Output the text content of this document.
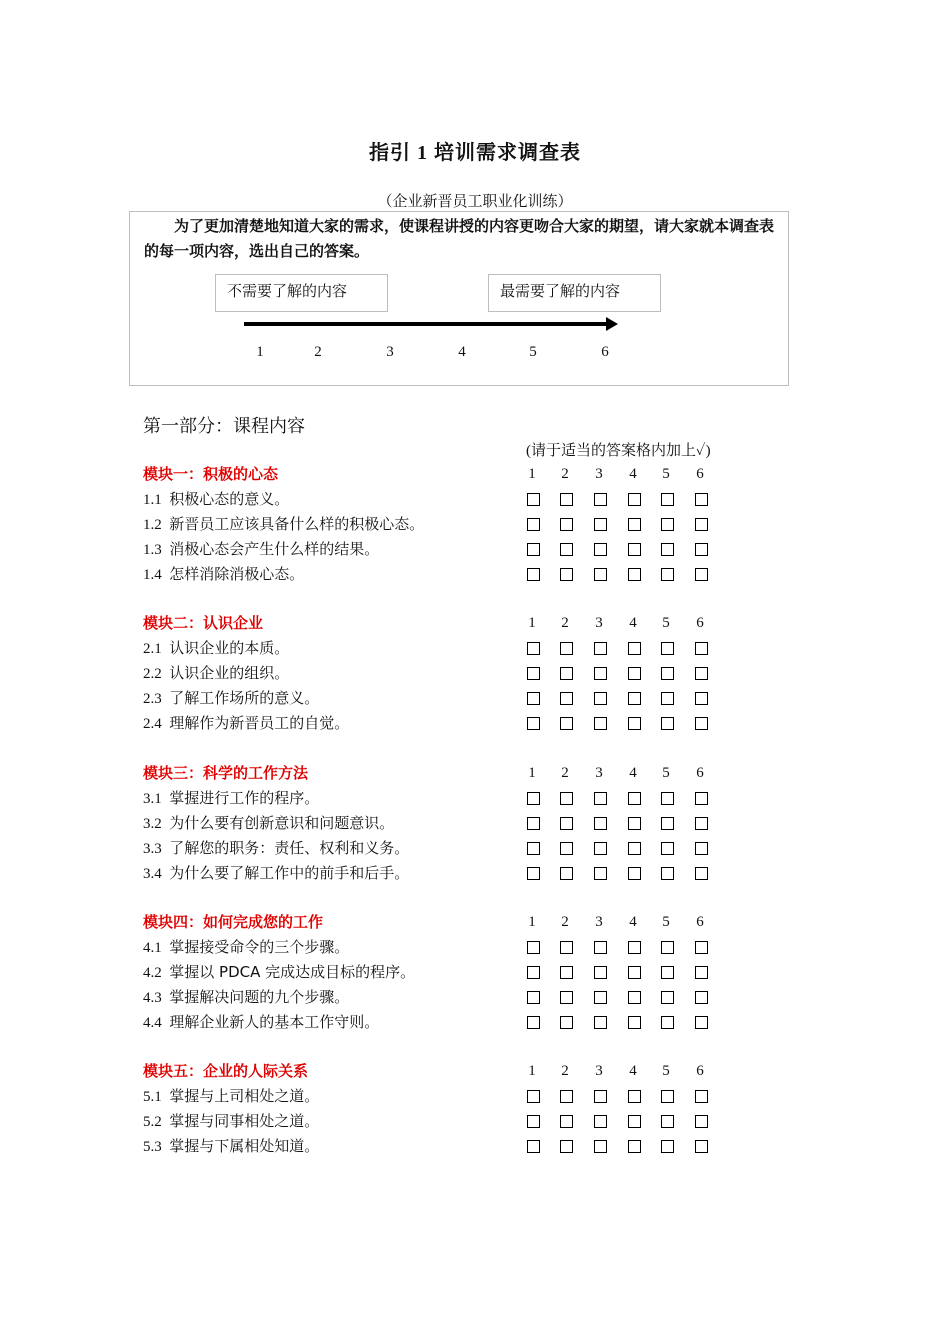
指引 1 培训需求调查表
（企业新晋员工职业化训练）
为了更加清楚地知道大家的需求，使课程讲授的内容更吻合大家的期望，请大家就本调查表的每一项内容，选出自己的答案。
不需要了解的内容	最需要了解的内容
1	2	3	4	5	6
第一部分：课程内容
(请于适当的答案格内加上✓)
模块一：积极的心态	1	2	3	4	5	6
1.1 积极心态的意义。
1.2 新晋员工应该具备什么样的积极心态。
1.3 消极心态会产生什么样的结果。
1.4 怎样消除消极心态。
模块二：认识企业	1	2	3	4	5	6
2.1 认识企业的本质。
2.2 认识企业的组织。
2.3 了解工作场所的意义。
2.4 理解作为新晋员工的自觉。
模块三：科学的工作方法	1	2	3	4	5	6
3.1 掌握进行工作的程序。
3.2 为什么要有创新意识和问题意识。
3.3 了解您的职务：责任、权利和义务。
3.4 为什么要了解工作中的前手和后手。
模块四：如何完成您的工作	1	2	3	4	5	6
4.1 掌握接受命令的三个步骤。
4.2 掌握以 PDCA 完成达成目标的程序。
4.3 掌握解决问题的九个步骤。
4.4 理解企业新人的基本工作守则。
模块五：企业的人际关系	1	2	3	4	5	6
5.1 掌握与上司相处之道。
5.2 掌握与同事相处之道。
5.3 掌握与下属相处知道。
